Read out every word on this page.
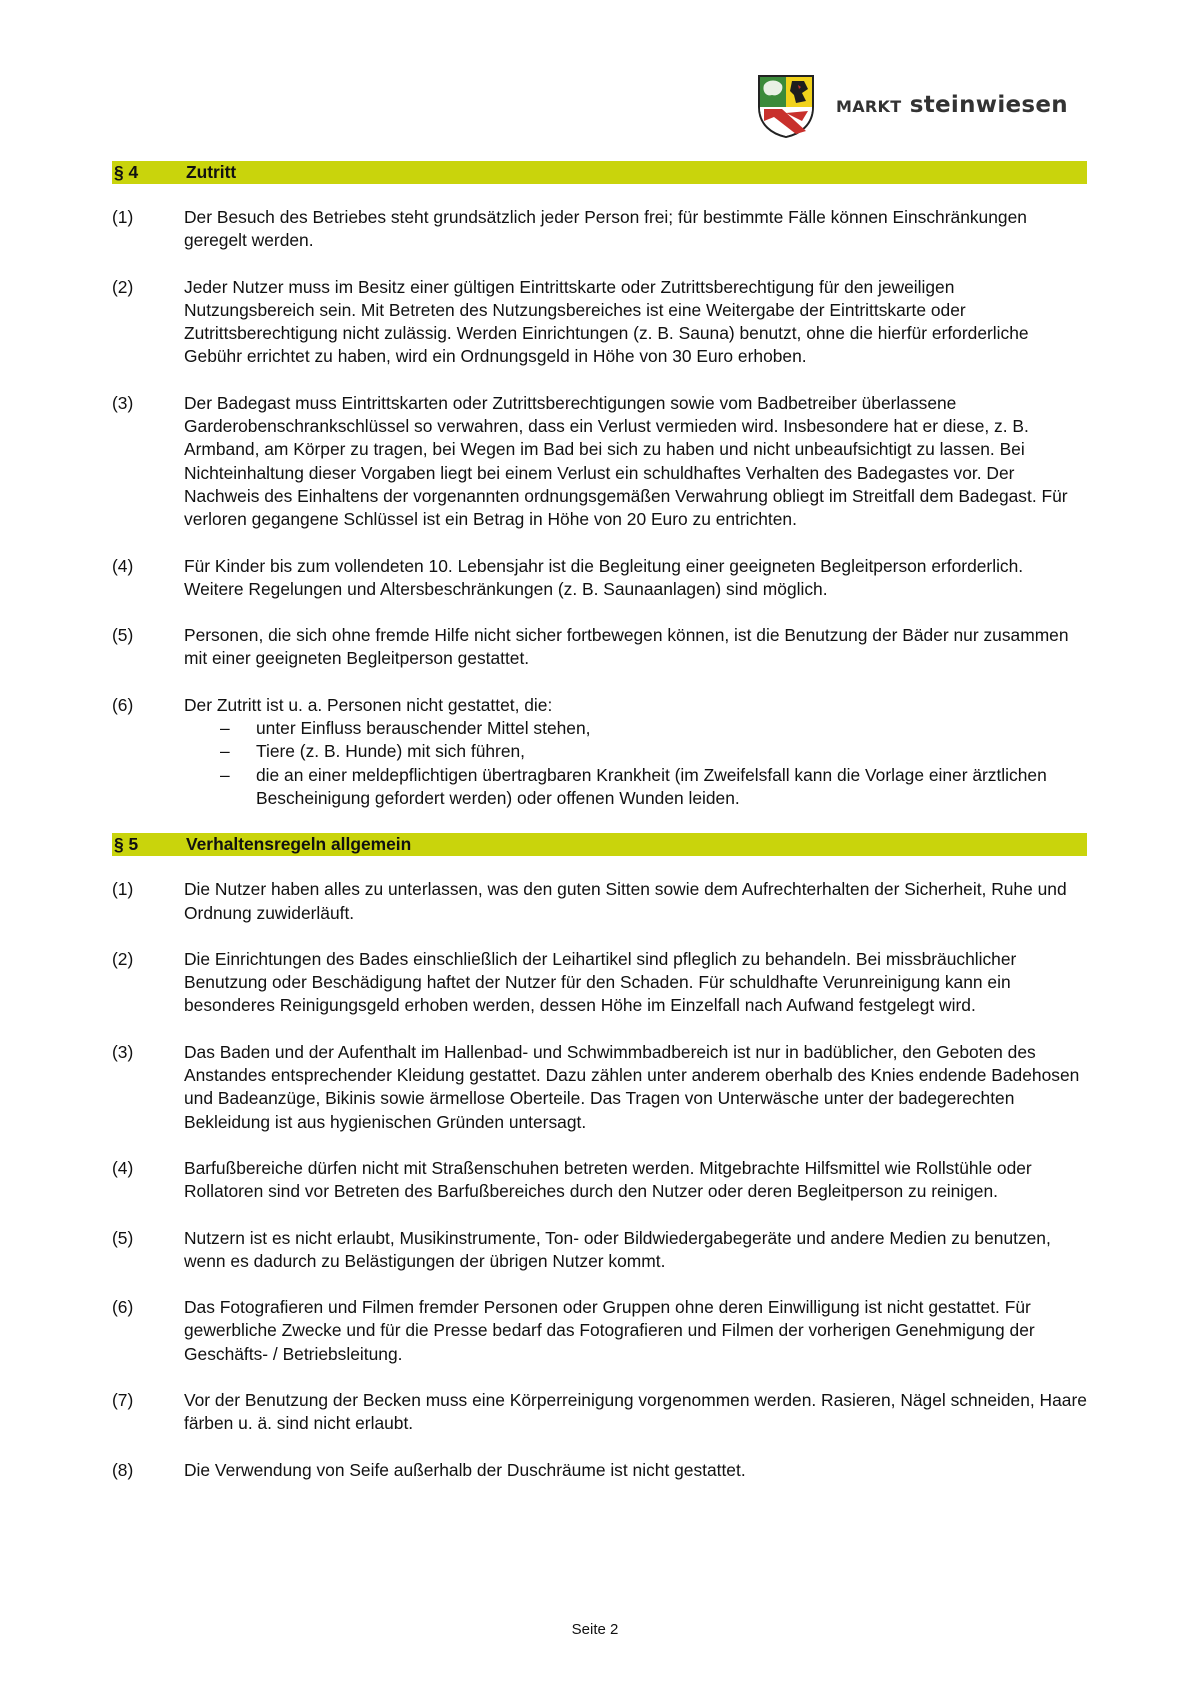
markt steinwiesen
§ 4	Zutritt
(1)	Der Besuch des Betriebes steht grundsätzlich jeder Person frei; für bestimmte Fälle können Einschränkungen geregelt werden.
(2)	Jeder Nutzer muss im Besitz einer gültigen Eintrittskarte oder Zutrittsberechtigung für den jeweiligen Nutzungsbereich sein. Mit Betreten des Nutzungsbereiches ist eine Weitergabe der Eintrittskarte oder Zutrittsberechtigung nicht zulässig. Werden Einrichtungen (z. B. Sauna) benutzt, ohne die hierfür erforderliche Gebühr errichtet zu haben, wird ein Ordnungsgeld in Höhe von 30 Euro erhoben.
(3)	Der Badegast muss Eintrittskarten oder Zutrittsberechtigungen sowie vom Badbetreiber überlassene Garderobenschrankschlüssel so verwahren, dass ein Verlust vermieden wird. Insbesondere hat er diese, z. B. Armband, am Körper zu tragen, bei Wegen im Bad bei sich zu haben und nicht unbeaufsichtigt zu lassen. Bei Nichteinhaltung dieser Vorgaben liegt bei einem Verlust ein schuldhaftes Verhalten des Badegastes vor. Der Nachweis des Einhaltens der vorgenannten ordnungsgemäßen Verwahrung obliegt im Streitfall dem Badegast. Für verloren gegangene Schlüssel ist ein Betrag in Höhe von 20 Euro zu entrichten.
(4)	Für Kinder bis zum vollendeten 10. Lebensjahr ist die Begleitung einer geeigneten Begleitperson erforderlich. Weitere Regelungen und Altersbeschränkungen (z. B. Saunaanlagen) sind möglich.
(5)	Personen, die sich ohne fremde Hilfe nicht sicher fortbewegen können, ist die Benutzung der Bäder nur zusammen mit einer geeigneten Begleitperson gestattet.
(6)	Der Zutritt ist u. a. Personen nicht gestattet, die:
–	unter Einfluss berauschender Mittel stehen,
–	Tiere (z. B. Hunde) mit sich führen,
–	die an einer meldepflichtigen übertragbaren Krankheit (im Zweifelsfall kann die Vorlage einer ärztlichen Bescheinigung gefordert werden) oder offenen Wunden leiden.
§ 5	Verhaltensregeln allgemein
(1)	Die Nutzer haben alles zu unterlassen, was den guten Sitten sowie dem Aufrechterhalten der Sicherheit, Ruhe und Ordnung zuwiderläuft.
(2)	Die Einrichtungen des Bades einschließlich der Leihartikel sind pfleglich zu behandeln. Bei missbräuchlicher Benutzung oder Beschädigung haftet der Nutzer für den Schaden. Für schuldhafte Verunreinigung kann ein besonderes Reinigungsgeld erhoben werden, dessen Höhe im Einzelfall nach Aufwand festgelegt wird.
(3)	Das Baden und der Aufenthalt im Hallenbad- und Schwimmbadbereich ist nur in badüblicher, den Geboten des Anstandes entsprechender Kleidung gestattet. Dazu zählen unter anderem oberhalb des Knies endende Badehosen und Badeanzüge, Bikinis sowie ärmellose Oberteile. Das Tragen von Unterwäsche unter der badegerechten Bekleidung ist aus hygienischen Gründen untersagt.
(4)	Barfußbereiche dürfen nicht mit Straßenschuhen betreten werden. Mitgebrachte Hilfsmittel wie Rollstühle oder Rollatoren sind vor Betreten des Barfußbereiches durch den Nutzer oder deren Begleitperson zu reinigen.
(5)	Nutzern ist es nicht erlaubt, Musikinstrumente, Ton- oder Bildwiedergabegeräte und andere Medien zu benutzen, wenn es dadurch zu Belästigungen der übrigen Nutzer kommt.
(6)	Das Fotografieren und Filmen fremder Personen oder Gruppen ohne deren Einwilligung ist nicht gestattet. Für gewerbliche Zwecke und für die Presse bedarf das Fotografieren und Filmen der vorherigen Genehmigung der Geschäfts- / Betriebsleitung.
(7)	Vor der Benutzung der Becken muss eine Körperreinigung vorgenommen werden. Rasieren, Nägel schneiden, Haare färben u. ä. sind nicht erlaubt.
(8)	Die Verwendung von Seife außerhalb der Duschräume ist nicht gestattet.
Seite 2
